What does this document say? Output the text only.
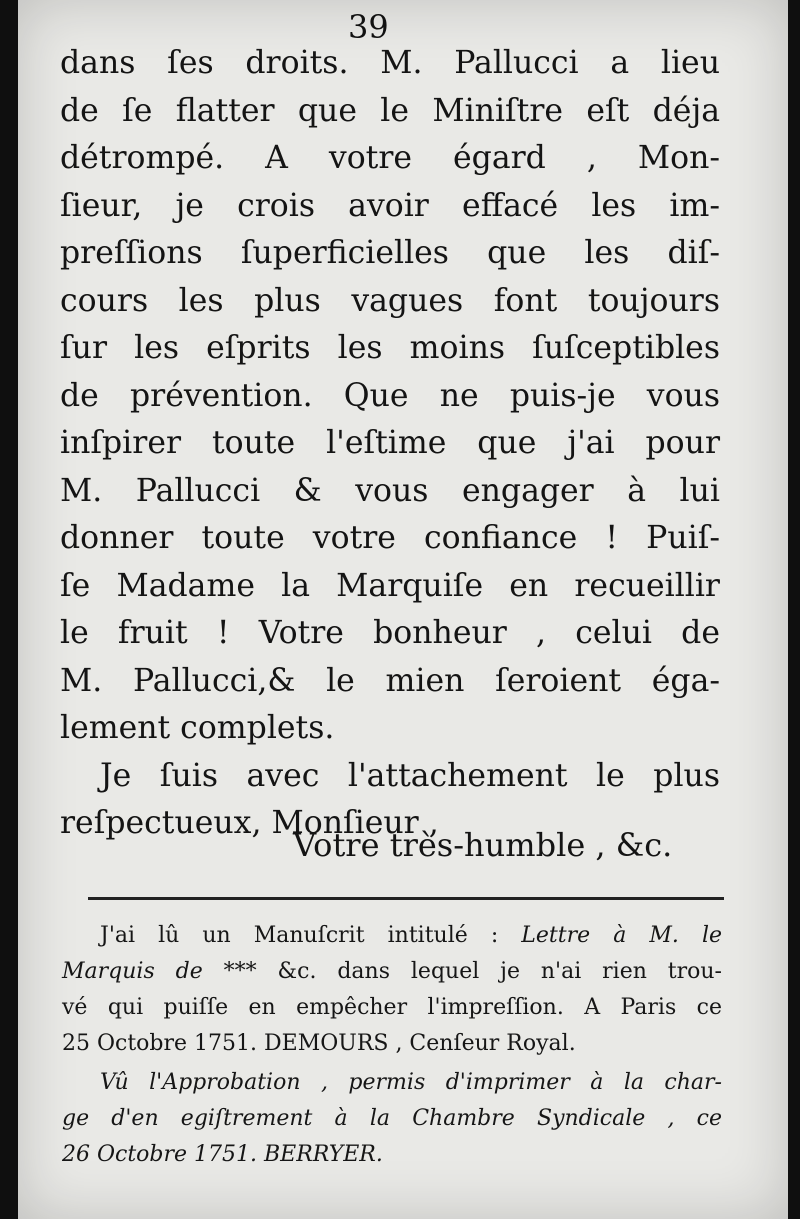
39
dans ſes droits. M. Pallucci a lieu
de ſe flatter que le Miniſtre eſt déja
détrompé. A votre égard , Mon-
ſieur, je crois avoir effacé les im-
preſſions ſuperficielles que les diſ-
cours les plus vagues font toujours
ſur les eſprits les moins ſuſceptibles
de prévention. Que ne puis-je vous
inſpirer toute l'eſtime que j'ai pour
M. Pallucci & vous engager à lui
donner toute votre confiance ! Puiſ-
ſe Madame la Marquiſe en recueillir
le fruit ! Votre bonheur , celui de
M. Pallucci,& le mien ſeroient éga-
lement complets.
Je ſuis avec l'attachement le plus
reſpectueux, Monſieur ,
Votre très-humble , &c.
J'ai lû un Manuſcrit intitulé : Lettre à M. le
Marquis de *** &c. dans lequel je n'ai rien trou-
vé qui puiſſe en empêcher l'impreſſion. A Paris ce
25 Octobre 1751. DEMOURS , Cenſeur Royal.
Vû l'Approbation , permis d'imprimer à la char-
ge d'en egiſtrement à la Chambre Syndicale , ce
26 Octobre 1751. BERRYER.
